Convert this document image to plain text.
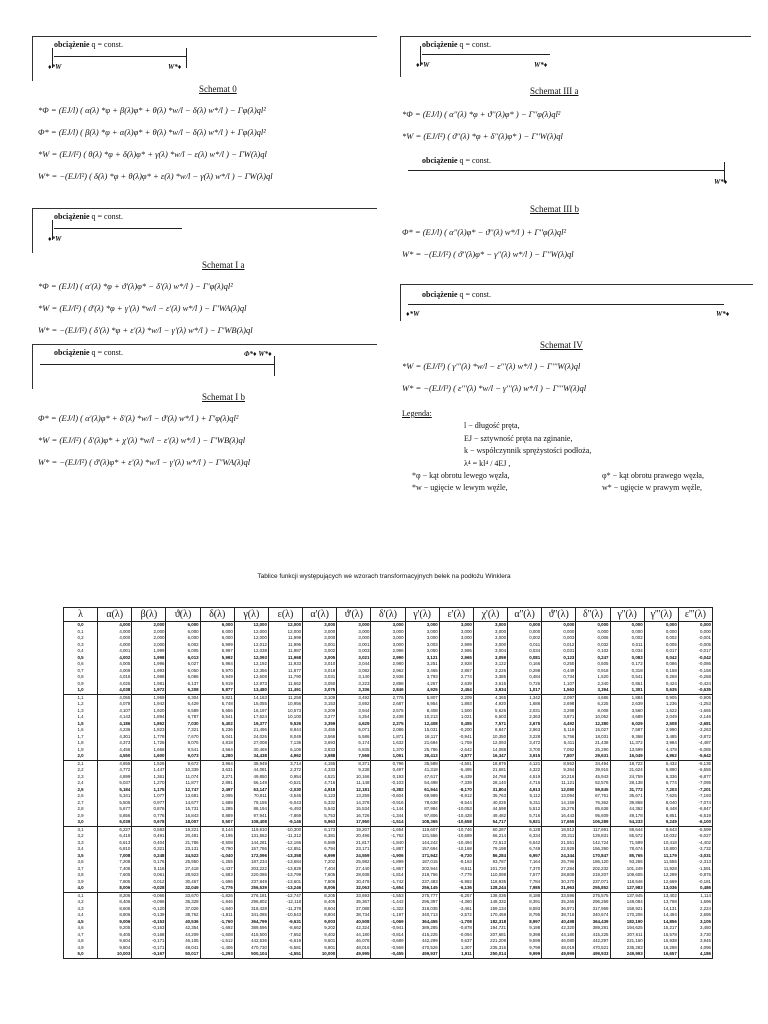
obciążenie q = const.
♦*W	W*♦
Schemat 0
*Φ = (EJ/l) ( α(λ) *φ + β(λ)φ* + θ(λ) *w/l − δ(λ) w*/l ) − Γφ(λ)ql²
Φ* = (EJ/l) ( β(λ) *φ + α(λ)φ* + θ(λ) *w/l − δ(λ) w*/l ) + Γφ(λ)ql²
*W = (EJ/l²) ( θ(λ) *φ + δ(λ)φ* + γ(λ) *w/l − ε(λ) w*/l ) − ΓW(λ)ql
W* = −(EJ/l²) ( δ(λ) *φ + θ(λ)φ* + ε(λ) *w/l − γ(λ) w*/l ) − ΓW(λ)ql
obciążenie q = const.
♦*W
Schemat I a
*Φ = (EJ/l) ( α'(λ) *φ + ϑ'(λ)φ* − δ'(λ) w*/l ) − Γ'φ(λ)ql²
*W = (EJ/l²) ( ϑ'(λ) *φ + γ'(λ) *w/l − ε'(λ) w*/l ) − Γ'WA(λ)ql
W* = −(EJ/l²) ( δ'(λ) *φ + ε'(λ) *w/l − γ'(λ) w*/l ) − Γ'WB(λ)ql
obciążenie q = const.	Φ*♦ W*♦
Schemat I b
Φ* = (EJ/l) ( α'(λ)φ* + δ'(λ) *w/l − ϑ'(λ) w*/l ) + Γ'φ(λ)ql²
*W = (EJ/l²) ( δ'(λ)φ* + χ'(λ) *w/l − ε'(λ) w*/l ) − Γ'WB(λ)ql
W* = −(EJ/l²) ( ϑ'(λ)φ* + ε'(λ) *w/l − γ'(λ) w*/l ) − Γ'WA(λ)ql
obciążenie q = const.
♦*W	W*♦
Schemat III a
*Φ = (EJ/l) ( α''(λ) *φ + ϑ''(λ)φ* ) − Γ''φ(λ)ql²
*W = (EJ/l²) ( ϑ''(λ) *φ + δ''(λ)φ* ) − Γ''W(λ)ql
obciążenie q = const.
W*♦
Schemat III b
Φ* = (EJ/l) ( α''(λ)φ* − ϑ''(λ) w*/l ) + Γ''φ(λ)ql²
W* = −(EJ/l²) ( ϑ''(λ)φ* − γ''(λ) w*/l ) − Γ''W(λ)ql
obciążenie q = const.
♦*W	W*♦
Schemat IV
*W = (EJ/l³) ( γ'''(λ) *w/l − ε'''(λ) w*/l ) − Γ'''W(λ)ql
W* = −(EJ/l³) ( ε'''(λ) *w/l − γ'''(λ) w*/l ) − Γ'''W(λ)ql
Legenda:
l − długość pręta,
EJ − sztywność pręta na zginanie,
k − współczynnik sprężystości podłoża,
λ⁴ = kl⁴ / 4EJ ,
*φ − kąt obrotu lewego węzła,	φ* − kąt obrotu prawego węzła,
*w − ugięcie w lewym węźle,	w* − ugięcie w prawym węźle,
Tablice funkcji występujących we wzorach transformacyjnych belek na podłożu Winklera
λ	α(λ)	β(λ)	ϑ(λ)	δ(λ)	γ(λ)	ε(λ)	α'(λ)	ϑ'(λ)	δ'(λ)	γ'(λ)	ε'(λ)	χ'(λ)	α''(λ)	ϑ''(λ)	δ''(λ)	γ''(λ)	γ'''(λ)	ε'''(λ)
0,0	4,000	2,000	6,000	6,000	12,000	12,000	3,000	3,000	3,000	3,000	3,000	3,000	0,000	0,000	0,000	0,000	0,000	0,000
0,1	4,000	2,000	6,000	6,000	12,000	12,000	3,000	3,000	3,000	3,000	3,000	3,000	0,000	0,000	0,000	0,000	0,000	0,000
0,2	4,000	2,000	6,000	6,000	12,000	11,999	3,000	3,000	3,000	3,000	3,000	3,000	0,002	0,003	0,006	0,002	0,002	-0,001
0,3	4,000	2,000	6,002	5,999	12,012	11,996	3,001	3,001	3,000	3,003	2,999	3,000	0,011	0,012	0,032	0,011	0,005	-0,005
0,4	4,001	1,999	6,005	5,997	12,038	11,987	3,002	3,003	2,996	3,050	2,995	3,004	0,034	0,031	0,102	0,034	0,017	-0,017
0,5	4,002	1,998	6,013	5,992	12,093	11,968	3,005	3,021	2,990	3,121	2,965	3,059	0,081	0,123	0,247	0,083	0,042	-0,042
0,6	4,005	1,996	6,027	5,984	12,192	11,933	3,010	3,044	2,980	3,251	2,928	3,122	0,166	0,250	0,505	0,172	0,086	-0,086
0,7	4,009	1,993	6,050	5,970	12,356	11,877	3,018	3,082	2,962	3,465	2,867	3,226	0,298	0,449	0,918	0,318	0,158	-0,158
0,8	4,016	1,988	6,086	5,949	12,608	11,790	3,031	3,140	2,936	3,793	2,774	3,385	0,484	0,734	1,520	0,541	0,268	-0,268
0,9	4,025	1,981	6,137	5,919	12,973	11,662	3,050	3,223	2,898	4,267	2,639	3,615	0,726	1,107	2,340	0,861	0,424	-0,424
1,0	4,038	1,972	6,208	5,877	13,480	11,491	3,075	3,336	2,846	4,925	2,454	3,934	1,017	1,563	3,394	1,301	0,635	-0,635
1,1	4,055	1,959	6,304	5,821	14,163	11,258	3,109	3,492	2,776	5,807	2,209	4,365	1,342	2,097	4,686	1,884	0,905	-0,905
1,2	4,078	1,942	6,429	5,748	15,055	10,956	3,153	3,692	2,687	6,954	1,893	4,920	1,686	2,698	6,225	2,639	1,236	-1,253
1,3	4,107	1,920	6,589	5,656	16,197	10,573	3,209	3,944	2,575	8,408	1,500	5,626	2,031	3,298	8,008	3,560	1,622	-1,665
1,4	4,143	1,894	6,787	5,541	17,624	10,100	3,277	4,254	2,438	10,213	1,021	6,503	2,363	3,871	10,052	4,689	2,049	-2,146
1,5	4,186	1,862	7,030	5,402	19,377	9,526	3,359	4,629	2,275	12,408	0,455	7,571	2,675	4,492	12,380	6,029	2,508	-2,681
1,6	4,236	1,823	7,321	5,236	21,496	8,844	3,455	5,071	2,086	15,031	-0,200	8,847	2,963	5,119	15,027	7,587	2,990	-3,263
1,7	4,301	1,778	7,670	5,041	24,026	8,049	3,566	5,586	1,871	18,117	-0,941	10,350	3,228	5,756	18,031	9,368	3,485	-3,872
1,8	4,373	1,726	8,075	4,818	27,008	7,136	3,693	6,174	1,632	21,694	-1,759	12,093	3,472	6,411	21,438	11,372	3,984	-4,487
1,9	4,456	1,666	8,541	4,564	30,469	6,106	3,833	6,835	1,370	25,786	-2,642	14,088	3,700	7,092	25,290	13,599	4,478	-5,085
2,0	4,550	1,600	9,073	4,280	34,438	4,962	3,988	7,568	1,091	30,413	-3,577	16,347	3,915	7,807	29,631	16,049	4,962	-5,642
2,1	4,655	1,526	9,672	3,964	38,949	3,714	4,155	8,371	0,796	35,588	-4,551	18,876	4,121	8,562	34,494	18,722	5,432	-6,135
2,2	4,772	1,447	10,339	3,631	44,081	2,372	4,333	9,238	0,497	41,318	-5,495	21,681	4,322	9,364	39,915	21,624	5,890	-6,555
2,3	4,899	1,361	11,074	3,271	49,850	0,954	4,521	10,166	0,193	47,617	-6,439	24,768	4,519	10,216	45,943	24,759	6,336	-6,877
2,4	5,037	1,270	11,877	2,891	56,149	-0,521	4,716	11,148	-0,103	54,498	-7,339	28,140	4,716	11,121	52,578	28,138	6,774	-7,095
2,5	5,184	1,175	12,747	2,497	63,147	-2,030	4,918	12,181	-0,382	61,944	-8,170	31,804	4,913	12,080	59,845	31,772	7,203	-7,201
2,6	5,341	1,077	13,681	2,095	70,811	-3,546	5,123	13,259	-0,604	69,989	-8,912	35,763	5,112	13,094	67,761	35,671	7,625	-7,193
2,7	5,505	0,977	14,677	1,688	79,155	-5,043	5,332	14,378	-0,916	78,638	-9,544	40,025	5,311	14,159	76,362	39,868	8,040	-7,074
2,8	5,677	0,876	15,731	1,285	88,194	-6,493	5,542	15,534	-1,144	87,984	-10,053	44,598	5,512	15,276	85,638	44,362	8,448	-6,847
2,9	5,856	0,776	16,843	0,889	97,941	-7,869	5,753	16,726	-1,344	97,806	-10,428	49,482	5,716	16,443	95,609	49,178	8,851	-6,519
3,0	6,039	0,678	18,007	0,507	108,408	-9,146	5,963	17,950	-1,514	108,365	-10,658	54,717	5,921	17,655	106,289	54,233	9,249	-6,100
3,1	6,227	0,583	19,221	0,144	119,610	-10,300	6,173	19,207	-1,654	119,607	-10,746	60,287	6,128	18,912	117,691	59,644	9,643	-5,599
3,2	6,419	0,491	20,481	-0,195	131,562	-11,312	6,381	20,496	-1,762	131,556	-10,689	66,214	6,334	20,211	129,831	65,572	10,032	-5,027
3,3	6,613	0,404	21,786	-0,508	144,281	-12,166	6,589	21,817	-1,840	144,242	-10,494	72,513	6,542	21,551	142,724	71,599	10,418	-4,402
3,4	6,810	0,321	23,131	-0,790	157,786	-12,851	6,794	23,171	-1,887	157,694	-10,168	79,198	6,749	22,929	156,390	78,674	10,800	-3,732
3,5	7,008	0,248	24,522	-1,040	172,096	-13,358	6,999	24,559	-1,906	171,942	-9,720	86,284	6,957	24,344	170,847	85,765	11,179	-3,031
3,6	7,208	0,176	25,950	-1,255	187,234	-13,684	7,202	25,982	-1,899	187,015	-9,163	93,787	7,164	25,796	186,120	93,266	11,555	-2,313
3,7	7,406	0,116	27,418	-1,437	203,222	-13,829	7,404	27,440	-1,867	202,944	-8,511	101,720	7,370	27,284	202,232	101,249	11,928	-1,591
3,8	7,605	0,061	28,923	-1,583	220,086	-13,799	7,605	28,938	-1,814	219,756	-7,779	110,098	7,577	28,808	219,207	109,605	12,299	-0,876
3,9	7,805	0,012	30,467	-1,696	237,849	-13,601	7,806	30,479	-1,742	237,483	-6,982	118,935	7,784	30,370	237,071	118,546	12,669	-0,181
4,0	8,006	-0,028	32,049	-1,776	256,539	-13,246	8,006	32,063	-1,654	256,145	-6,136	128,244	7,985	31,963	255,852	127,983	13,036	0,486
4,1	8,206	-0,066	33,670	-1,826	276,181	-12,747	8,205	33,693	-1,553	275,777	-5,257	138,036	8,188	33,596	275,575	137,945	13,402	1,114
4,2	8,406	-0,096	35,328	-1,846	296,802	-12,118	8,405	35,367	-1,442	296,397	-4,360	148,332	8,391	35,265	296,269	148,084	13,768	1,696
4,3	8,606	-0,120	37,026	-1,840	318,428	-11,378	8,604	37,088	-1,322	318,035	-3,461	159,134	8,593	36,971	317,959	158,921	14,131	2,224
4,4	8,806	-0,139	38,762	-1,811	341,085	-10,543	8,804	38,734	-1,197	340,713	-2,572	170,459	8,795	38,716	340,674	170,206	14,494	2,695
4,5	9,006	-0,153	40,536	-1,760	364,799	-9,631	9,003	40,508	-1,069	364,455	-1,708	182,318	8,997	40,498	364,439	182,190	14,856	3,105
4,6	9,205	-0,163	42,354	-1,692	389,596	-8,662	9,202	42,324	-0,941	389,285	-0,878	194,721	9,198	42,320	389,281	194,625	15,217	3,450
4,7	9,405	-0,168	44,209	-1,608	415,500	-7,652	9,402	44,180	-0,814	415,225	-0,094	207,681	9,398	44,180	415,225	207,611	15,578	3,730
4,8	9,604	-0,171	46,105	-1,512	442,536	-6,619	9,601	46,078	-0,689	442,299	0,637	221,209	9,599	46,080	442,297	221,160	15,938	3,945
4,9	9,804	-0,171	48,041	-1,406	470,730	-5,581	9,801	48,016	-0,569	470,526	1,307	235,316	9,799	48,019	470,521	235,283	16,298	4,096
5,0	10,003	-0,167	50,017	-1,293	500,104	-4,551	10,000	49,995	-0,455	499,937	1,911	250,014	9,999	49,999	499,933	249,993	16,657	4,186
